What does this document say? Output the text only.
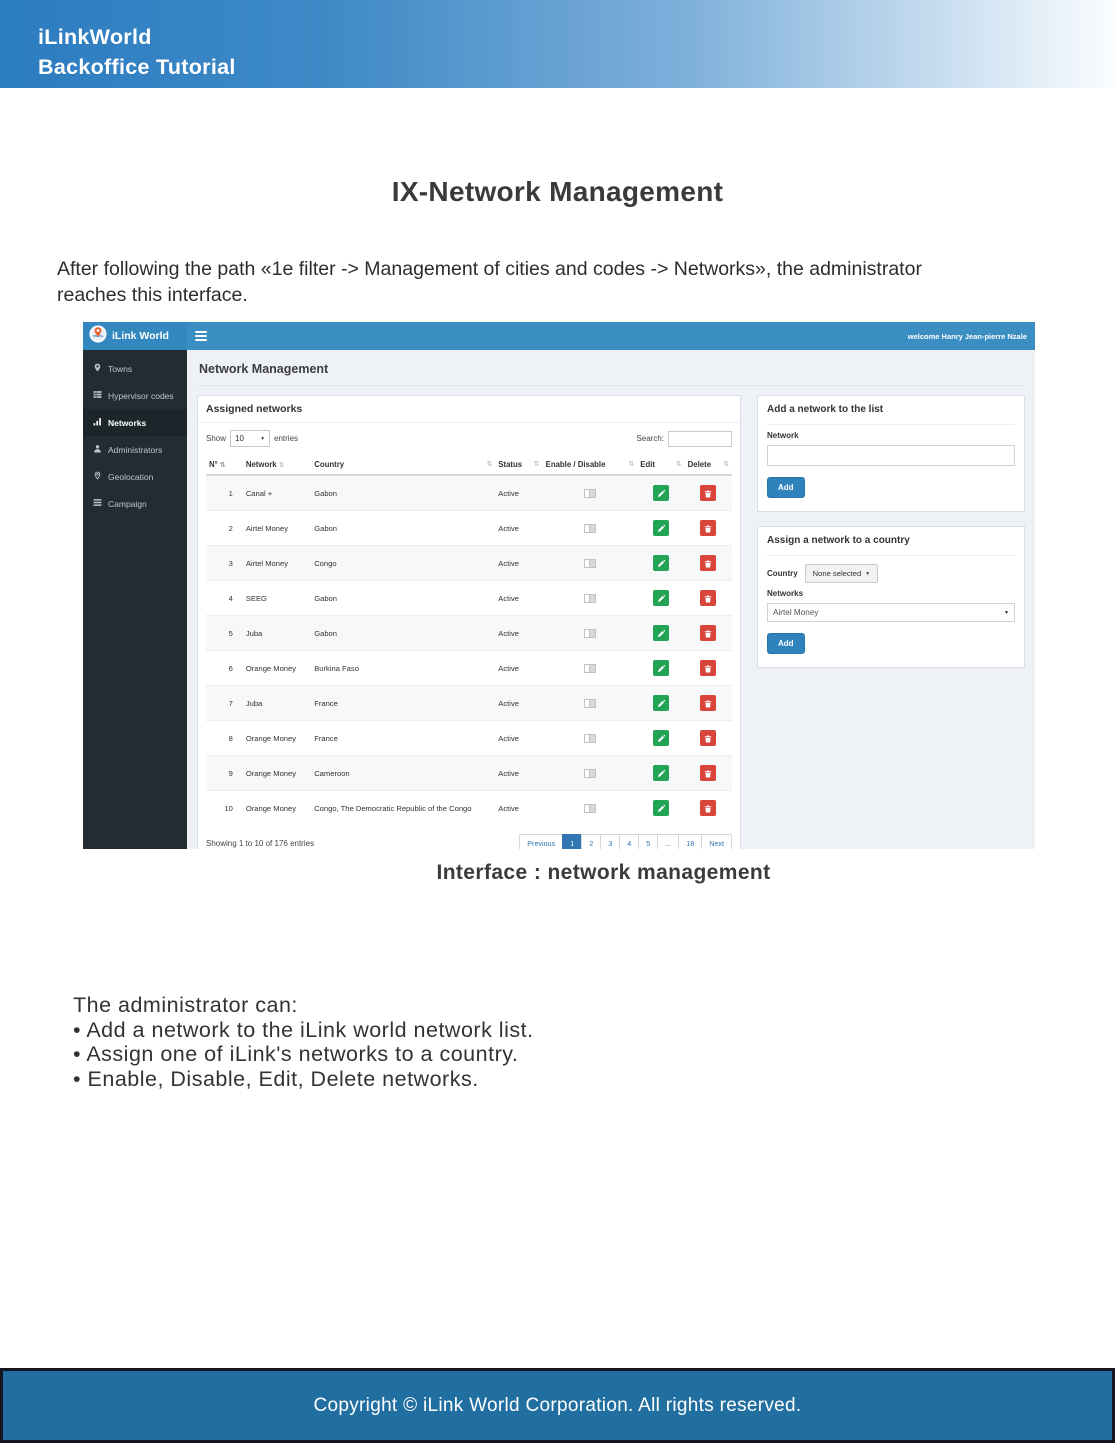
iLinkWorld
Backoffice Tutorial
IX-Network Management
After following the path «1e filter -> Management of cities and codes -> Networks», the administrator
reaches this interface.
iLink World	welcome Hanry Jean-pierre Nzale
Towns
Hypervisor codes
Networks
Administrators
Geolocation
Campaign
Network Management
Assigned networks
Show 10	▼ entries	Search:
N° ⇅	Network ⇅	Country ⇅	Status ⇅	Enable / Disable ⇅	Edit ⇅	Delete ⇅

1	Canal +	Gabon	Active	

2	Airtel Money	Gabon	Active	

3	Airtel Money	Congo	Active	

4	SEEG	Gabon	Active	

5	Juba	Gabon	Active	

6	Orange Money	Burkina Faso	Active	

7	Juba	France	Active	

8	Orange Money	France	Active	

9	Orange Money	Cameroon	Active	

10	Orange Money	Congo, The Democratic Republic of the Congo	Active	

Showing 1 to 10 of 176 entries	Previous	1	2	3	4	5	...	18	Next
Add a network to the list
Network
Add
Assign a network to a country
Country None selected ▼
Networks
Airtel Money	▼
Add
Interface : network management
The administrator can:
• Add a network to the iLink world network list.
• Assign one of iLink's networks to a country.
• Enable, Disable, Edit, Delete networks.
Copyright © iLink World Corporation. All rights reserved.
